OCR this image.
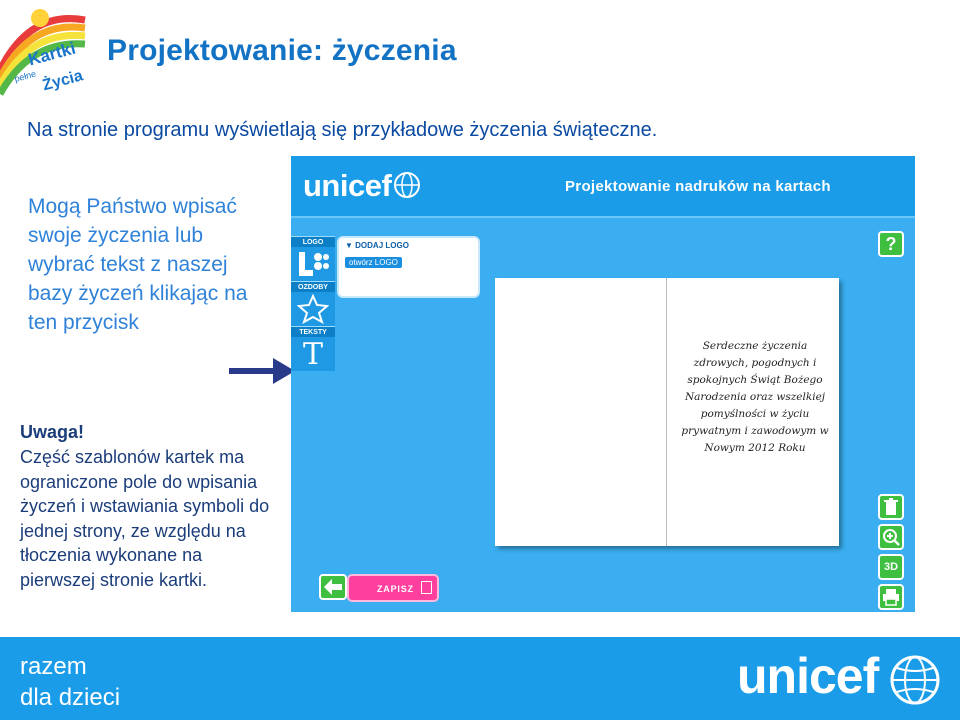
Kartki
pełne Życia
Projektowanie: życzenia
Na stronie programu wyświetlają się przykładowe życzenia świąteczne.
Mogą Państwo wpisać swoje życzenia lub wybrać tekst z naszej bazy życzeń klikając na ten przycisk
Uwaga!
Część szablonów kartek ma ograniczone pole do wpisania życzeń i wstawiania symboli do jednej strony, ze względu na tłoczenia wykonane na pierwszej stronie kartki.
unicef	Projektowanie nadruków na kartach
LOGO
OZDOBY
TEKSTY
T
▼ DODAJ LOGO
otwórz LOGO
?
Serdeczne życzenia zdrowych, pogodnych i spokojnych Świąt Bożego Narodzenia oraz wszelkiej pomyślności w życiu prywatnym i zawodowym w Nowym 2012 Roku
3D
ZAPISZ
razem
dla dzieci	unicef
